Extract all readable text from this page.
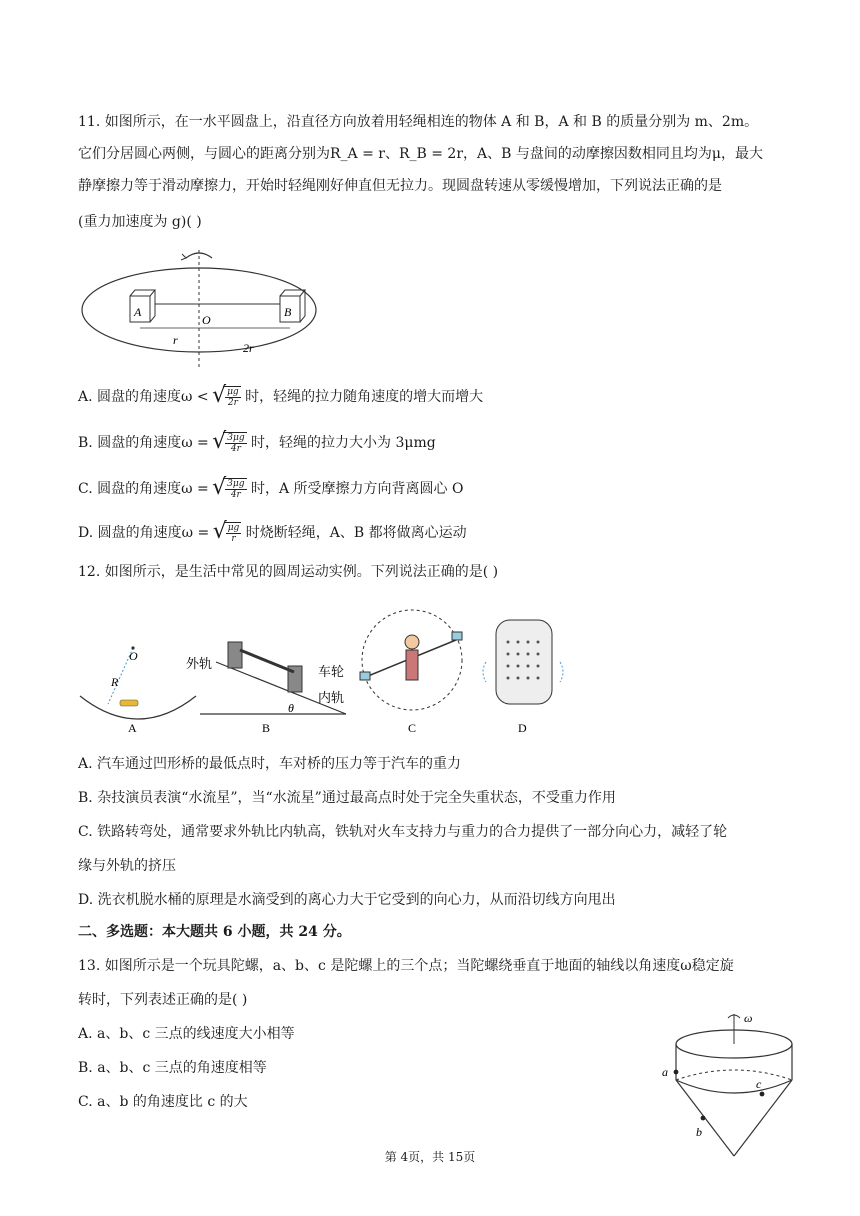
11. 如图所示，在一水平圆盘上，沿直径方向放着用轻绳相连的物体 A 和 B，A 和 B 的质量分别为 m、2m。
它们分居圆心两侧，与圆心的距离分别为R_A = r、R_B = 2r，A、B 与盘间的动摩擦因数相同且均为μ，最大
静摩擦力等于滑动摩擦力，开始时轻绳刚好伸直但无拉力。现圆盘转速从零缓慢增加，下列说法正确的是
(重力加速度为 g)( )
A	B
O
r
2r
A. 圆盘的角速度ω < √ $\frac{\mu g}{2r}$ 时，轻绳的拉力随角速度的增大而增大
B. 圆盘的角速度ω = √ $\frac{3\mu g}{4r}$ 时，轻绳的拉力大小为 3μmg
C. 圆盘的角速度ω = √ $\frac{3\mu g}{4r}$ 时，A 所受摩擦力方向背离圆心 O
D. 圆盘的角速度ω = √ $\frac{\mu g}{r}$ 时烧断轻绳，A、B 都将做离心运动
12. 如图所示，是生活中常见的圆周运动实例。下列说法正确的是( )
O
R
A
外轨
车轮
内轨
θ
B	C	D
A. 汽车通过凹形桥的最低点时，车对桥的压力等于汽车的重力
B. 杂技演员表演“水流星”，当“水流星”通过最高点时处于完全失重状态，不受重力作用
C. 铁路转弯处，通常要求外轨比内轨高，铁轨对火车支持力与重力的合力提供了一部分向心力，减轻了轮
缘与外轨的挤压
D. 洗衣机脱水桶的原理是水滴受到的离心力大于它受到的向心力，从而沿切线方向甩出
二、多选题：本大题共 6 小题，共 24 分。
13. 如图所示是一个玩具陀螺，a、b、c 是陀螺上的三个点；当陀螺绕垂直于地面的轴线以角速度ω稳定旋
转时，下列表述正确的是( )
A. a、b、c 三点的线速度大小相等
B. a、b、c 三点的角速度相等
C. a、b 的角速度比 c 的大
ω
a
c
b
第 4页，共 15页
